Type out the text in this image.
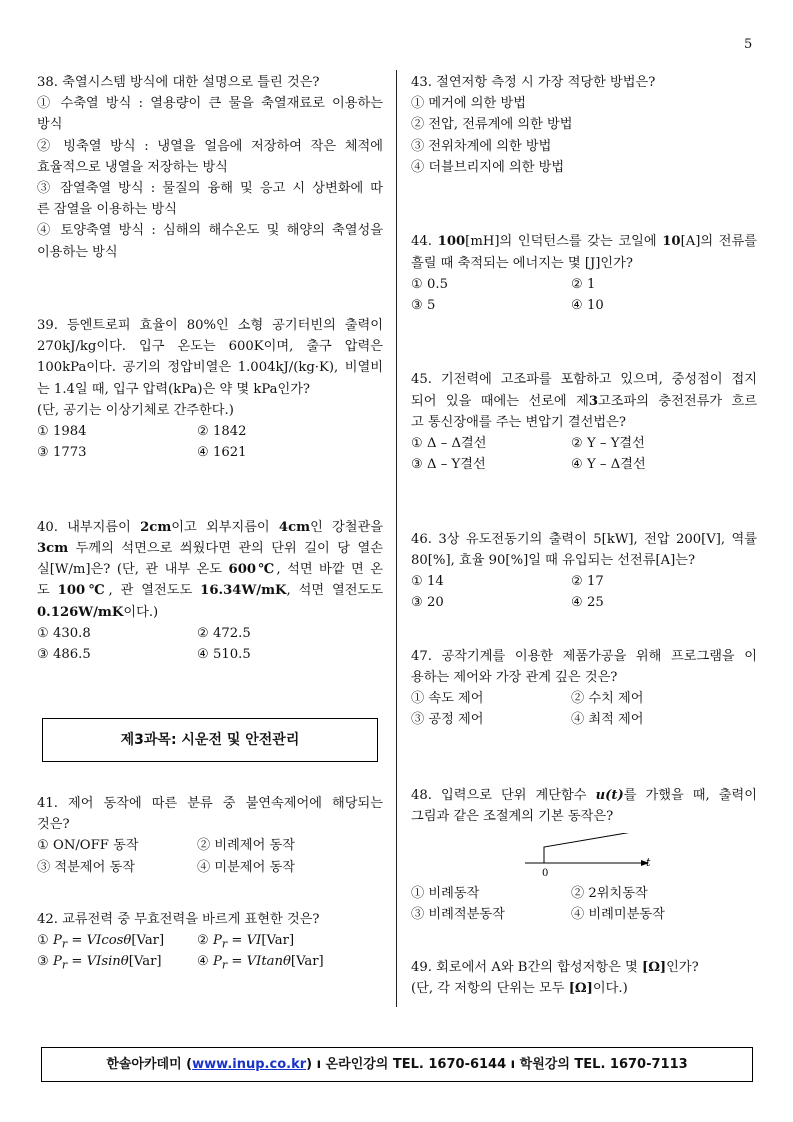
5
38. 축열시스템 방식에 대한 설명으로 틀린 것은?
① 수축열 방식 : 열용량이 큰 물을 축열재료로 이용하는
방식
② 빙축열 방식 : 냉열을 얼음에 저장하여 작은 체적에
효율적으로 냉열을 저장하는 방식
③ 잠열축열 방식 : 물질의 융해 및 응고 시 상변화에 따
른 잠열을 이용하는 방식
④ 토양축열 방식 : 심해의 해수온도 및 해양의 축열성을
이용하는 방식
39. 등엔트로피 효율이 80%인 소형 공기터빈의 출력이
270kJ/kg이다. 입구 온도는 600K이며, 출구 압력은
100kPa이다. 공기의 정압비열은 1.004kJ/(kg·K), 비열비
는 1.4일 때, 입구 압력(kPa)은 약 몇 kPa인가?
(단, 공기는 이상기체로 간주한다.)
① 1984	② 1842
③ 1773	④ 1621
40. 내부지름이 2cm이고 외부지름이 4cm인 강철관을
3cm 두께의 석면으로 씌웠다면 관의 단위 길이 당 열손
실[W/m]은? (단, 관 내부 온도 600℃, 석면 바깥 면 온
도 100℃, 관 열전도도 16.34W/mK, 석면 열전도도
0.126W/mK이다.)
① 430.8	② 472.5
③ 486.5	④ 510.5
제3과목: 시운전 및 안전관리
41. 제어 동작에 따른 분류 중 불연속제어에 해당되는
것은?
① ON/OFF 동작	② 비례제어 동작
③ 적분제어 동작	④ 미분제어 동작
42. 교류전력 중 무효전력을 바르게 표현한 것은?
① $P_r = VIcos\theta[Var]$	② $P_r = VI[Var]$
③ $P_r = VIsin\theta[Var]$	④ $P_r = VItan\theta[Var]$
43. 절연저항 측정 시 가장 적당한 방법은?
① 메거에 의한 방법
② 전압, 전류계에 의한 방법
③ 전위차계에 의한 방법
④ 더블브리지에 의한 방법
44. 100[mH]의 인덕턴스를 갖는 코일에 10[A]의 전류를
흘릴 때 축적되는 에너지는 몇 [J]인가?
① 0.5	② 1
③ 5	④ 10
45. 기전력에 고조파를 포함하고 있으며, 중성점이 접지
되어 있을 때에는 선로에 제3고조파의 충전전류가 흐르
고 통신장애를 주는 변압기 결선법은?
① Δ – Δ결선	② Y – Y결선
③ Δ – Y결선	④ Y – Δ결선
46. 3상 유도전동기의 출력이 5[kW], 전압 200[V], 역률
80[%], 효율 90[%]일 때 유입되는 선전류[A]는?
① 14	② 17
③ 20	④ 25
47. 공작기계를 이용한 제품가공을 위해 프로그램을 이
용하는 제어와 가장 관계 깊은 것은?
① 속도 제어	② 수치 제어
③ 공정 제어	④ 최적 제어
48. 입력으로 단위 계단함수 u(t)를 가했을 때, 출력이
그림과 같은 조절계의 기본 동작은?
0
t
① 비례동작	② 2위치동작
③ 비례적분동작	④ 비례미분동작
49. 회로에서 A와 B간의 합성저항은 몇 [Ω]인가?
(단, 각 저항의 단위는 모두 [Ω]이다.)
한솔아카데미 (www.inup.co.kr) ı 온라인강의 TEL. 1670-6144 ı 학원강의 TEL. 1670-7113
